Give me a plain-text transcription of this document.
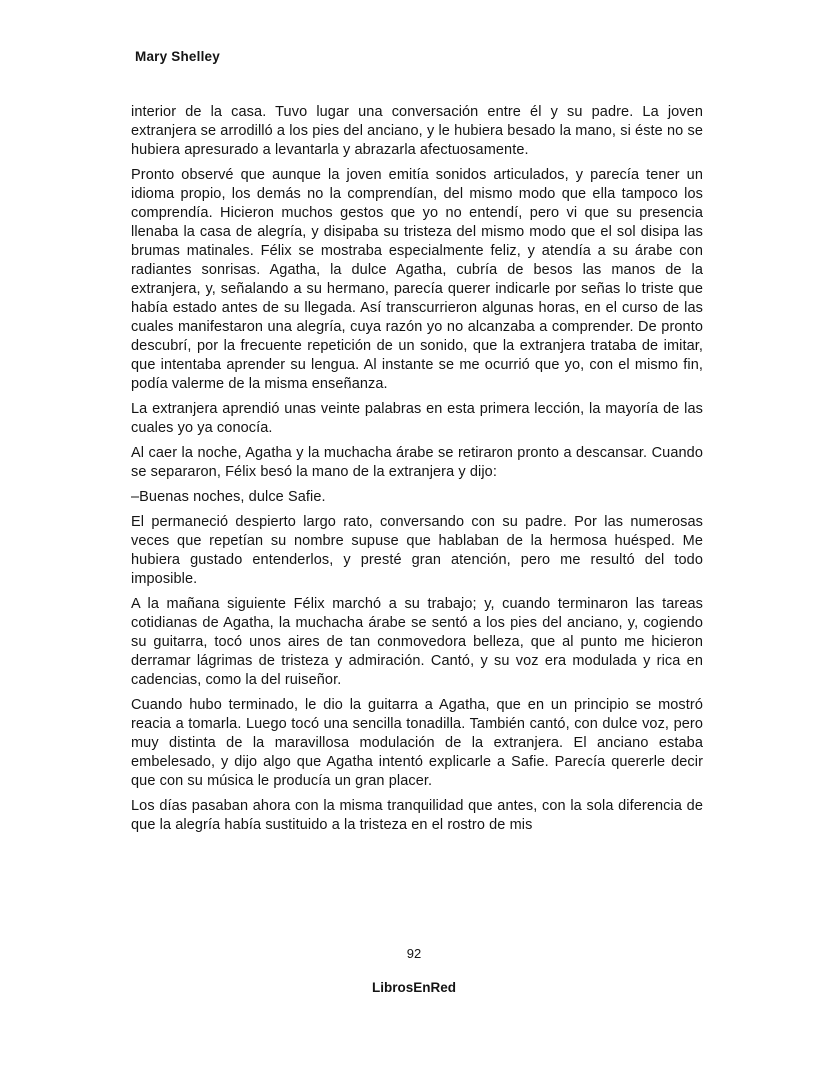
Mary Shelley

interior de la casa. Tuvo lugar una conversación entre él y su padre. La joven extranjera se arrodilló a los pies del anciano, y le hubiera besado la mano, si éste no se hubiera apresurado a levantarla y abrazarla afectuosamente.

Pronto observé que aunque la joven emitía sonidos articulados, y parecía tener un idioma propio, los demás no la comprendían, del mismo modo que ella tampoco los comprendía. Hicieron muchos gestos que yo no entendí, pero vi que su presencia llenaba la casa de alegría, y disipaba su tristeza del mismo modo que el sol disipa las brumas matinales. Félix se mostraba especialmente feliz, y atendía a su árabe con radiantes sonrisas. Agatha, la dulce Agatha, cubría de besos las manos de la extranjera, y, señalando a su hermano, parecía querer indicarle por señas lo triste que había estado antes de su llegada. Así transcurrieron algunas horas, en el curso de las cuales manifestaron una alegría, cuya razón yo no alcanzaba a comprender. De pronto descubrí, por la frecuente repetición de un sonido, que la extranjera trataba de imitar, que intentaba aprender su lengua. Al instante se me ocurrió que yo, con el mismo fin, podía valerme de la misma enseñanza.

La extranjera aprendió unas veinte palabras en esta primera lección, la mayoría de las cuales yo ya conocía.

Al caer la noche, Agatha y la muchacha árabe se retiraron pronto a descansar. Cuando se separaron, Félix besó la mano de la extranjera y dijo:

–Buenas noches, dulce Safie.

El permaneció despierto largo rato, conversando con su padre. Por las numerosas veces que repetían su nombre supuse que hablaban de la hermosa huésped. Me hubiera gustado entenderlos, y presté gran atención, pero me resultó del todo imposible.

A la mañana siguiente Félix marchó a su trabajo; y, cuando terminaron las tareas cotidianas de Agatha, la muchacha árabe se sentó a los pies del anciano, y, cogiendo su guitarra, tocó unos aires de tan conmovedora belleza, que al punto me hicieron derramar lágrimas de tristeza y admiración. Cantó, y su voz era modulada y rica en cadencias, como la del ruiseñor.

Cuando hubo terminado, le dio la guitarra a Agatha, que en un principio se mostró reacia a tomarla. Luego tocó una sencilla tonadilla. También cantó, con dulce voz, pero muy distinta de la maravillosa modulación de la extranjera. El anciano estaba embelesado, y dijo algo que Agatha intentó explicarle a Safie. Parecía quererle decir que con su música le producía un gran placer.

Los días pasaban ahora con la misma tranquilidad que antes, con la sola diferencia de que la alegría había sustituido a la tristeza en el rostro de mis

92
LibrosEnRed
